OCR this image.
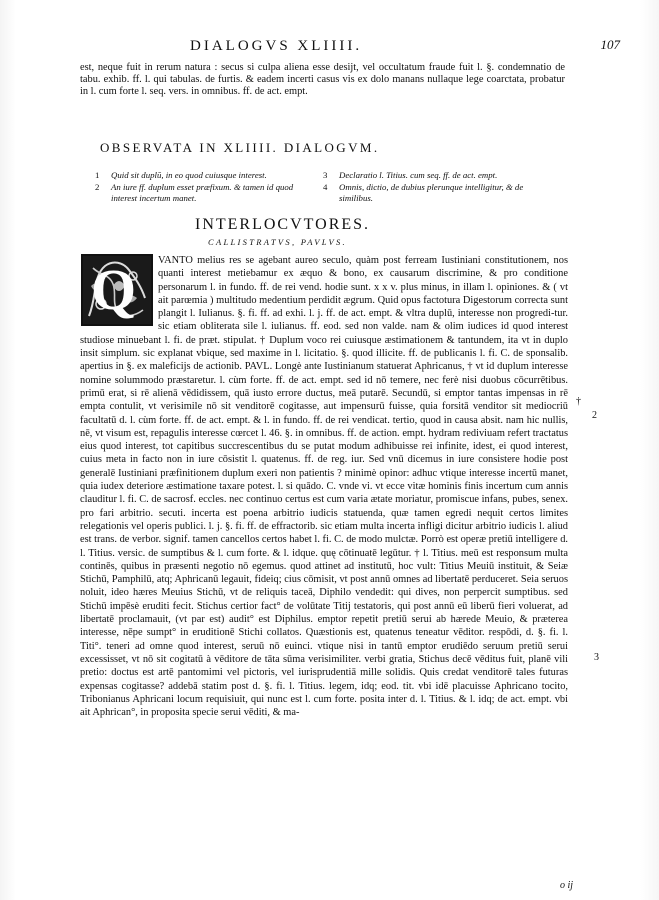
DIALOGVS XLIIII.	107
est, neque fuit in rerum natura : secus si culpa aliena esse desijt, vel occultatum fraude fuit l. §. condemnatio de tabu. exhib. ff. l. qui tabulas. de furtis. & eadem incerti casus vis ex dolo manans nullaque lege coarctata, probatur in l. cum forte l. seq. vers. in omnibus. ff. de act. empt.
OBSERVATA IN XLIIII. DIALOGVM.
1 Quid sit duplū, in eo quod cuiusque interest.
2 An iure ff. duplum esset præfixum. & tamen id quod interest incertum manet.
3 Declaratio l. Titius. cum seq. ff. de act. empt.
4 Omnis, dictio, de dubius plerunque intelligitur, & de similibus.
INTERLOCVTORES.
CALLISTRATVS, PAVLVS.

VANTO melius res se agebant aureo seculo, quàm post ferream Iustiniani constitutionem, nos quanti interest metiebamur ex æquo & bono, ex causarum discrimine, & pro conditione personarum l. in fundo. ff. de rei vend. hodie sunt. x x v. plus minus, in illam l. opiniones. & ( vt ait parœmia ) multitudo medentium perdidit ægrum. Quid opus factotura Digestorum correcta sunt plangit l. Iulianus. §. fi. ff. ad exhi. l. j. ff. de act. empt. & vltra duplū, interesse non progredi-tur. sic etiam obliterata sile l. iulianus. ff. eod. sed non valde. nam & olim iudices id quod interest studiose minuebant l. fi. de præt. stipulat. † Duplum voco rei cuiusque æstimationem & tantundem, ita vt in duplo insit simplum. sic explanat vbique, sed maxime in l. licitatio. §. quod illicite. ff. de publicanis l. fi. C. de sponsalib. apertius in §. ex maleficijs de actionib. PAVL. Longè ante Iustinianum statuerat Aphricanus, † vt id duplum interesse nomine solummodo præstaretur. l. cùm forte. ff. de act. empt. sed id nō temere, nec ferè nisi duobus cōcurrētibus. primū erat, si rē alienā vēdidissem, quā iusto errore ductus, meā putarē. Secundū, si emptor tantas impensas in rē empta contulit, vt verisimile nō sit venditorē cogitasse, aut impensurū fuisse, quia forsitā venditor sit mediocriū facultatū d. l. cùm forte. ff. de act. empt. & l. in fundo. ff. de rei vendicat. tertio, quod in causa absit. nam hic nullis, nē, vt visum est, repagulis interesse cœrcet l. 46. §. in omnibus. ff. de action. empt. hydram rediviuam refert tractatus eius quod interest, tot capitibus succrescentibus du se putat modum adhibuisse rei infinite, idest, ei quod interest, cuius meta in facto non in iure cōsistit l. quatenus. ff. de reg. iur. Sed vnū dicemus in iure consistere hodie post generalē Iustiniani præfinitionem duplum exeri non patientis ? minimè opinor: adhuc vtique interesse incertū manet, quia iudex deteriore æstimatione taxare potest. l. si quādo. C. vnde vi. vt ecce vitæ hominis finis incertum cum annis clauditur l. fi. C. de sacrosf. eccles. nec continuo certus est cum varia ætate moriatur, promiscue infans, pubes, senex. pro fari arbitrio. secuti. incerta est poena arbitrio iudicis statuenda, quæ tamen egredi nequit certos limites relegationis vel operis publici. l. j. §. fi. ff. de effractorib. sic etiam multa incerta infligi dicitur arbitrio iudicis l. aliud est trans. de verbor. signif. tamen cancellos certos habet l. fi. C. de modo mulctæ. Porrò est operæ pretiū intelligere d. l. Titius. versic. de sumptibus & l. cum forte. & l. idque. quę cōtinuatē legūtur. † l. Titius. meū est responsum multa continēs, quibus in præsenti negotio nō egemus. quod attinet ad institutū, hoc vult: Titius Meuiū instituit, & Seiæ Stichū, Pamphilū, atq; Aphricanū legauit, fideiq; cius cōmisit, vt post annū omnes ad libertatē perduceret. Seia seruos noluit, ideo hæres Meuius Stichū, vt de reliquis taceā, Diphilo vendedit: qui dives, non perpercit sumptibus. sed Stichū impēsè eruditi fecit. Stichus certior fact° de volūtate Titij testatoris, qui post annū eū liberū fieri voluerat, ad libertatē proclamauit, (vt par est) audit° est Diphilus. emptor repetit pretiū serui ab hærede Meuio, & præterea interesse, nēpe sumpt° in eruditionē Stichi collatos. Quæstionis est, quatenus teneatur vēditor. respōdi, d. §. fi. l. Titi°. teneri ad omne quod interest, seruū nō euinci. vtique nisi in tantū emptor erudiēdo seruum pretiū serui excessisset, vt nō sit cogitatū à vēditore de tāta sūma verisimiliter. verbi gratia, Stichus decē vēditus fuit, planē vili pretio: doctus est artē pantomimi vel pictoris, vel iurisprudentiā mille solidis. Quis credat venditorē tales futuras expensas cogitasse? addebā statim post d. §. fi. l. Titius. legem, idq; eod. tit. vbi idē placuisse Aphricano tocito, Tribonianus Aphricani locum requisiuit, qui nunc est l. cum forte. posita inter d. l. Titius. & l. idq; de act. empt. vbi ait Aphrican°, in proposita specie serui vēditi, & ma-

Q
†
2
3
o ij
